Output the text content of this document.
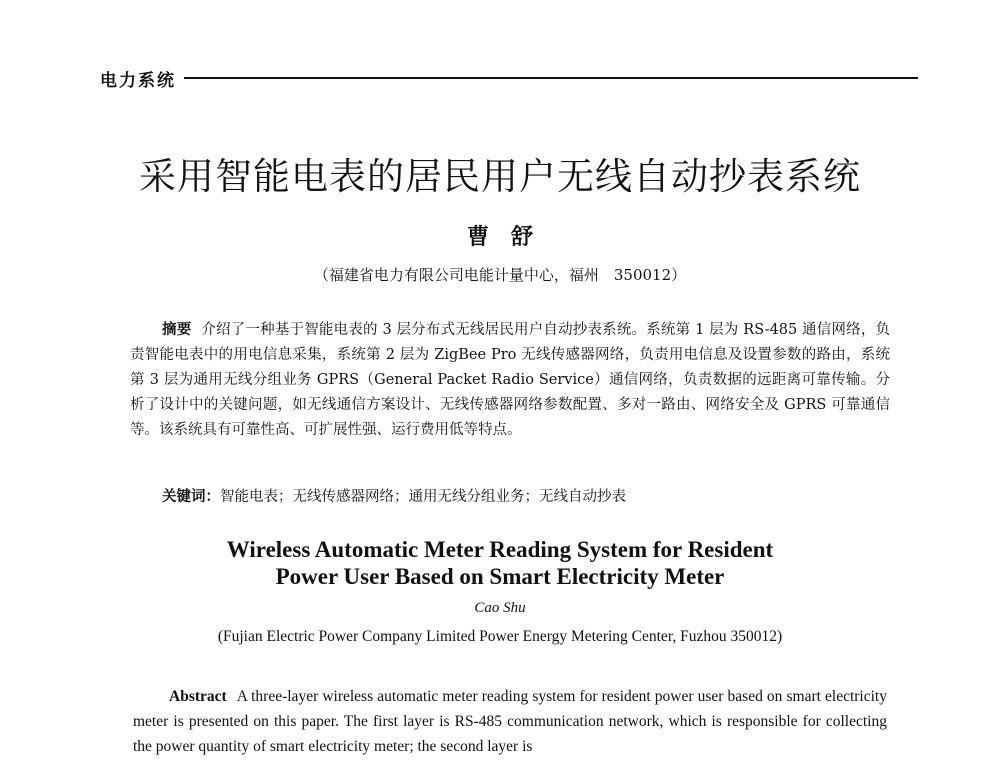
电力系统
采用智能电表的居民用户无线自动抄表系统
曹舒
（福建省电力有限公司电能计量中心，福州　350012）
摘要 介绍了一种基于智能电表的 3 层分布式无线居民用户自动抄表系统。系统第 1 层为 RS-485 通信网络，负责智能电表中的用电信息采集，系统第 2 层为 ZigBee Pro 无线传感器网络，负责用电信息及设置参数的路由，系统第 3 层为通用无线分组业务 GPRS（General Packet Radio Service）通信网络，负责数据的远距离可靠传输。分析了设计中的关键问题，如无线通信方案设计、无线传感器网络参数配置、多对一路由、网络安全及 GPRS 可靠通信等。该系统具有可靠性高、可扩展性强、运行费用低等特点。
关键词：智能电表；无线传感器网络；通用无线分组业务；无线自动抄表
Wireless Automatic Meter Reading System for Resident
Power User Based on Smart Electricity Meter
Cao Shu
(Fujian Electric Power Company Limited Power Energy Metering Center, Fuzhou 350012)
Abstract A three-layer wireless automatic meter reading system for resident power user based on smart electricity meter is presented on this paper. The first layer is RS-485 communication network, which is responsible for collecting the power quantity of smart electricity meter; the second layer is
